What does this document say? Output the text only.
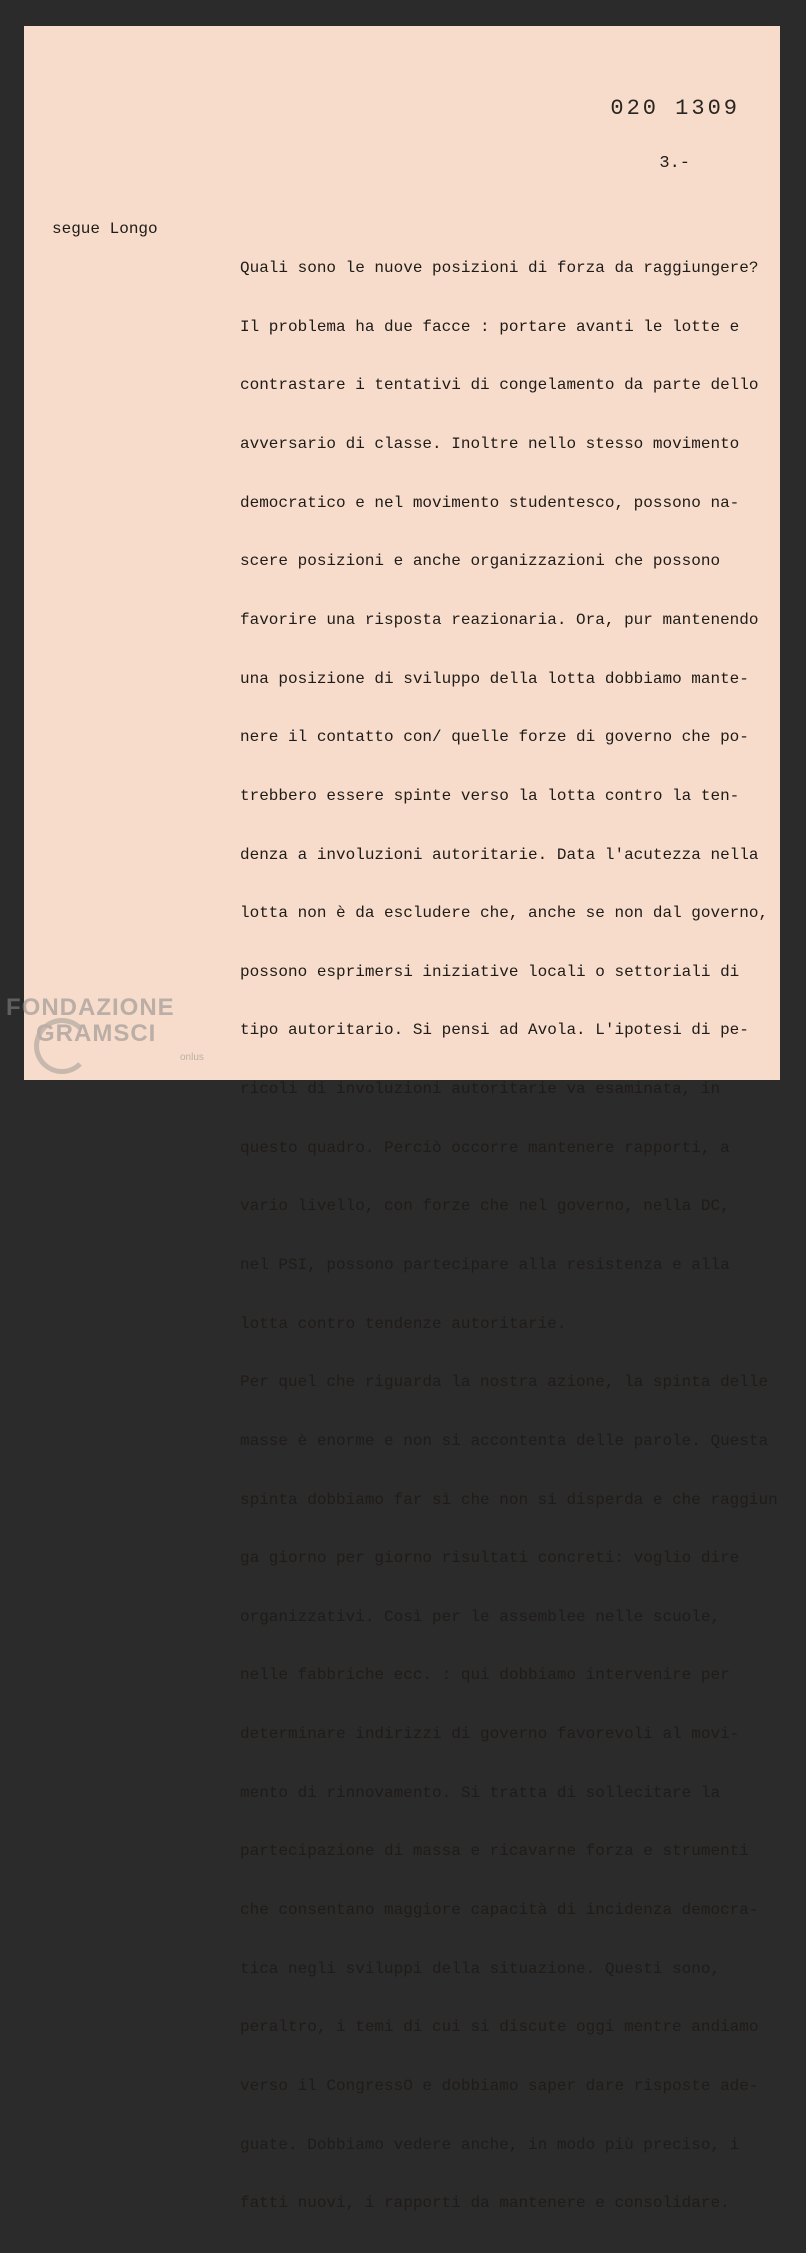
020 1309
3.-
segue Longo

Quali sono le nuove posizioni di forza da raggiungere?

Il problema ha due facce : portare avanti le lotte e

contrastare i tentativi di congelamento da parte dello

avversario di classe. Inoltre nello stesso movimento

democratico e nel movimento studentesco, possono na-

scere posizioni e anche organizzazioni che possono

favorire una risposta reazionaria. Ora, pur mantenendo

una posizione di sviluppo della lotta dobbiamo mante-

nere il contatto con/ quelle forze di governo che po-

trebbero essere spinte verso la lotta contro la ten-

denza a involuzioni autoritarie. Data l'acutezza nella

lotta non è da escludere che, anche se non dal governo,

possono esprimersi iniziative locali o settoriali di

tipo autoritario. Si pensi ad Avola. L'ipotesi di pe-

ricoli di involuzioni autoritarie va esaminata, in

questo quadro. Perciò occorre mantenere rapporti, a

vario livello, con forze che nel governo, nella DC,

nel PSI, possono partecipare alla resistenza e alla

lotta contro tendenze autoritarie.

Per quel che riguarda la nostra azione, la spinta delle

masse è enorme e non si accontenta delle parole. Questa

spinta dobbiamo far sì che non si disperda e che raggiun

ga giorno per giorno risultati concreti: voglio dire

organizzativi. Così per le assemblee nelle scuole,

nelle fabbriche ecc. : qui dobbiamo intervenire per

determinare indirizzi di governo favorevoli al movi-

mento di rinnovamento. Si tratta di sollecitare la

partecipazione di massa e ricavarne forza e strumenti

che consentano maggiore capacità di incidenza democra-

tica negli sviluppi della situazione. Questi sono,

peraltro, i temi di cui si discute oggi mentre andiamo

verso il CongressO e dobbiamo saper dare risposte ade-

guate. Dobbiamo vedere anche, in modo più preciso, i

fatti nuovi, i rapporti da mantenere e consolidare.

FONDAZIONE
GRAMSCI
onlus
